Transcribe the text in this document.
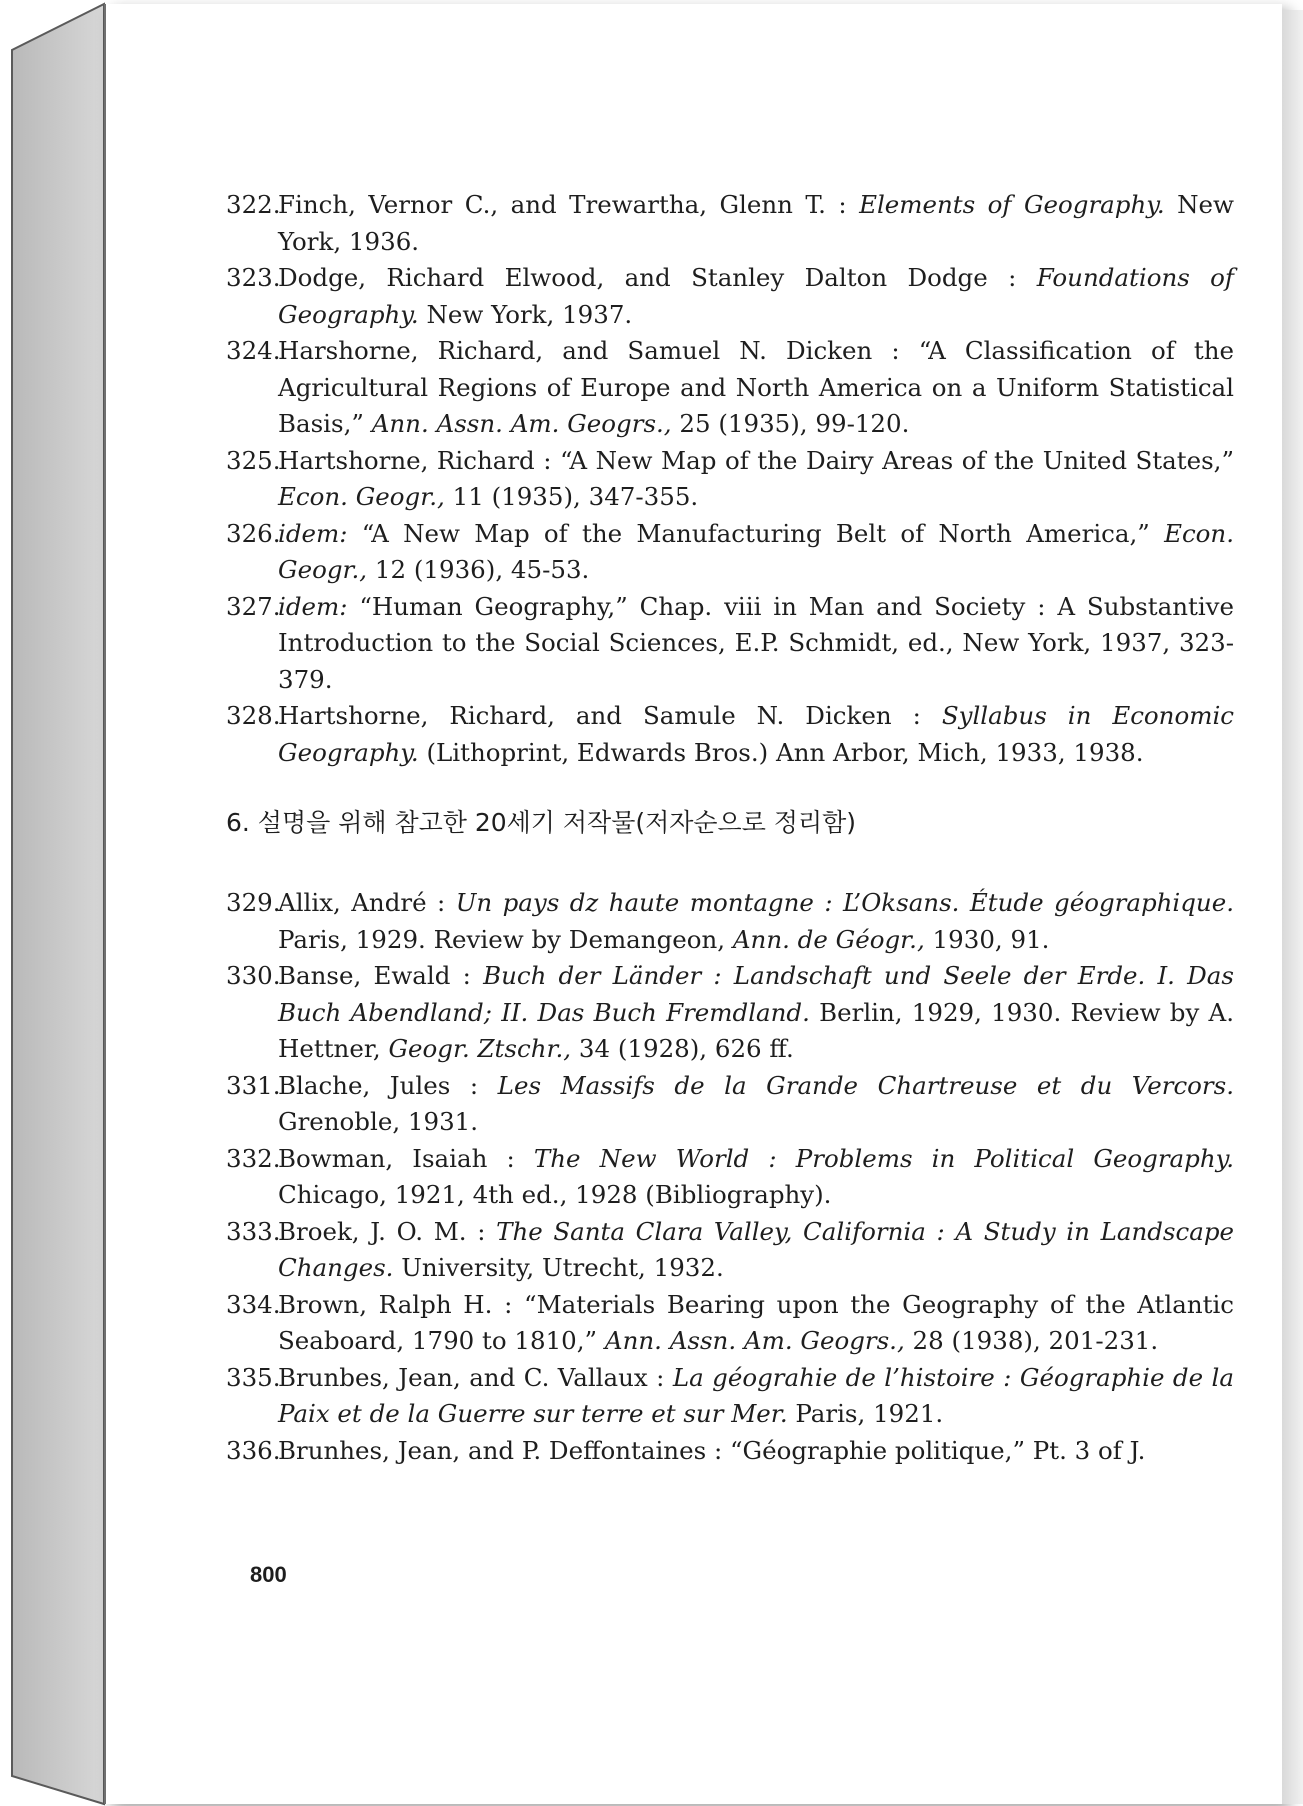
322.
Finch, Vernor C., and Trewartha, Glenn T. : Elements of Geography. New York, 1936.
323.
Dodge, Richard Elwood, and Stanley Dalton Dodge : Foundations of Geography. New York, 1937.
324.
Harshorne, Richard, and Samuel N. Dicken : “A Classification of the Agricultural Regions of Europe and North America on a Uniform Statistical Basis,” Ann. Assn. Am. Geogrs., 25 (1935), 99-120.
325.
Hartshorne, Richard : “A New Map of the Dairy Areas of the United States,” Econ. Geogr., 11 (1935), 347-355.
326.
idem: “A New Map of the Manufacturing Belt of North America,” Econ. Geogr., 12 (1936), 45-53.
327.
idem: “Human Geography,” Chap. viii in Man and Society : A Substantive Introduction to the Social Sciences, E.P. Schmidt, ed., New York, 1937, 323-379.
328.
Hartshorne, Richard, and Samule N. Dicken : Syllabus in Economic Geography. (Lithoprint, Edwards Bros.) Ann Arbor, Mich, 1933, 1938.
6. 설명을 위해 참고한 20세기 저작물(저자순으로 정리함)
329.
Allix, André : Un pays dz haute montagne : L’Oksans. Étude géographique. Paris, 1929. Review by Demangeon, Ann. de Géogr., 1930, 91.
330.
Banse, Ewald : Buch der Länder : Landschaft und Seele der Erde. I. Das Buch Abendland; II. Das Buch Fremdland. Berlin, 1929, 1930. Review by A. Hettner, Geogr. Ztschr., 34 (1928), 626 ff.
331.
Blache, Jules : Les Massifs de la Grande Chartreuse et du Vercors. Grenoble, 1931.
332.
Bowman, Isaiah : The New World : Problems in Political Geography. Chicago, 1921, 4th ed., 1928 (Bibliography).
333.
Broek, J. O. M. : The Santa Clara Valley, California : A Study in Landscape Changes. University, Utrecht, 1932.
334.
Brown, Ralph H. : “Materials Bearing upon the Geography of the Atlantic Seaboard, 1790 to 1810,” Ann. Assn. Am. Geogrs., 28 (1938), 201-231.
335.
Brunbes, Jean, and C. Vallaux : La géograhie de l’histoire : Géographie de la Paix et de la Guerre sur terre et sur Mer. Paris, 1921.
336.
Brunhes, Jean, and P. Deffontaines : “Géographie politique,” Pt. 3 of J.
800
